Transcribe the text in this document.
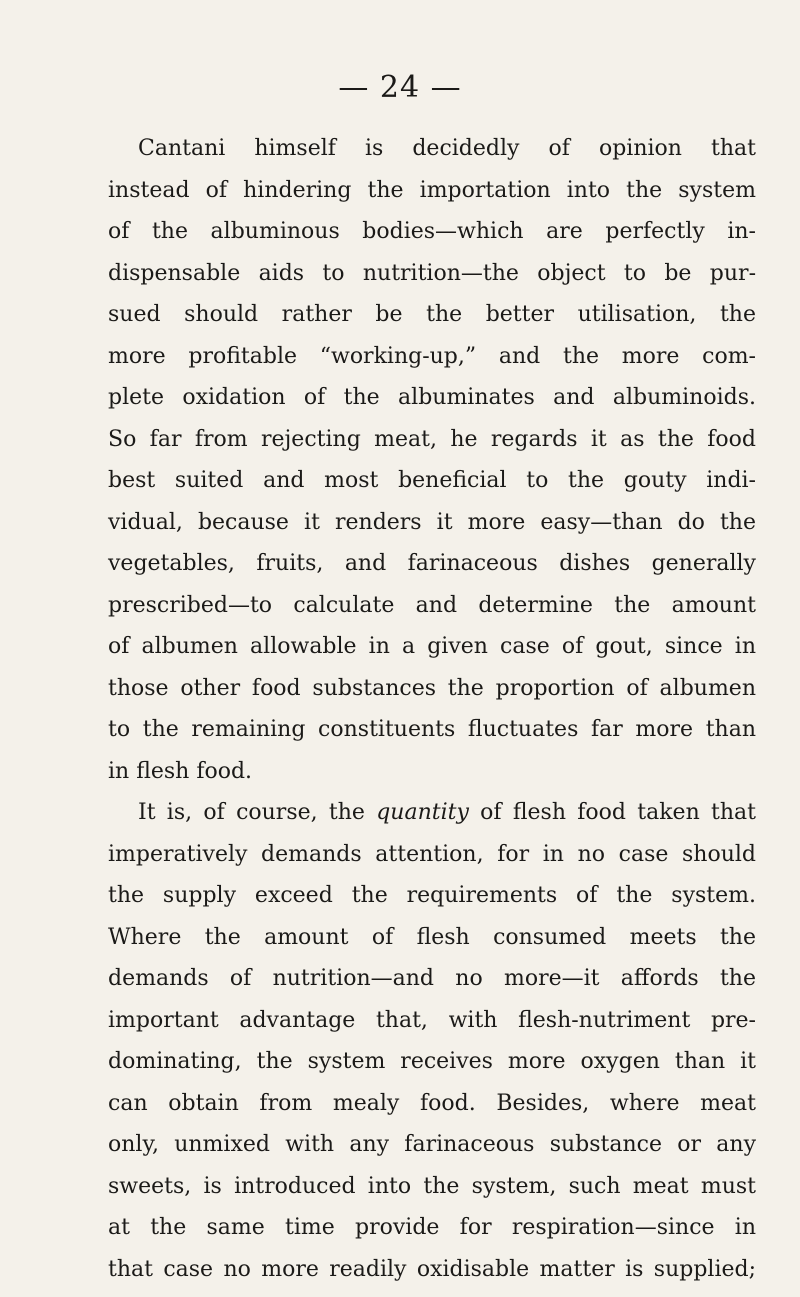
— 24 —
Cantani himself is decidedly of opinion that
instead of hindering the importation into the system
of the albuminous bodies—which are perfectly in-
dispensable aids to nutrition—the object to be pur-
sued should rather be the better utilisation, the
more profitable “working-up,” and the more com-
plete oxidation of the albuminates and albuminoids.
So far from rejecting meat, he regards it as the food
best suited and most beneficial to the gouty indi-
vidual, because it renders it more easy—than do the
vegetables, fruits, and farinaceous dishes generally
prescribed—to calculate and determine the amount
of albumen allowable in a given case of gout, since in
those other food substances the proportion of albumen
to the remaining constituents fluctuates far more than
in flesh food.
It is, of course, the quantity of flesh food taken that
imperatively demands attention, for in no case should
the supply exceed the requirements of the system.
Where the amount of flesh consumed meets the
demands of nutrition—and no more—it affords the
important advantage that, with flesh-nutriment pre-
dominating, the system receives more oxygen than it
can obtain from mealy food. Besides, where meat
only, unmixed with any farinaceous substance or any
sweets, is introduced into the system, such meat must
at the same time provide for respiration—since in
that case no more readily oxidisable matter is supplied;
